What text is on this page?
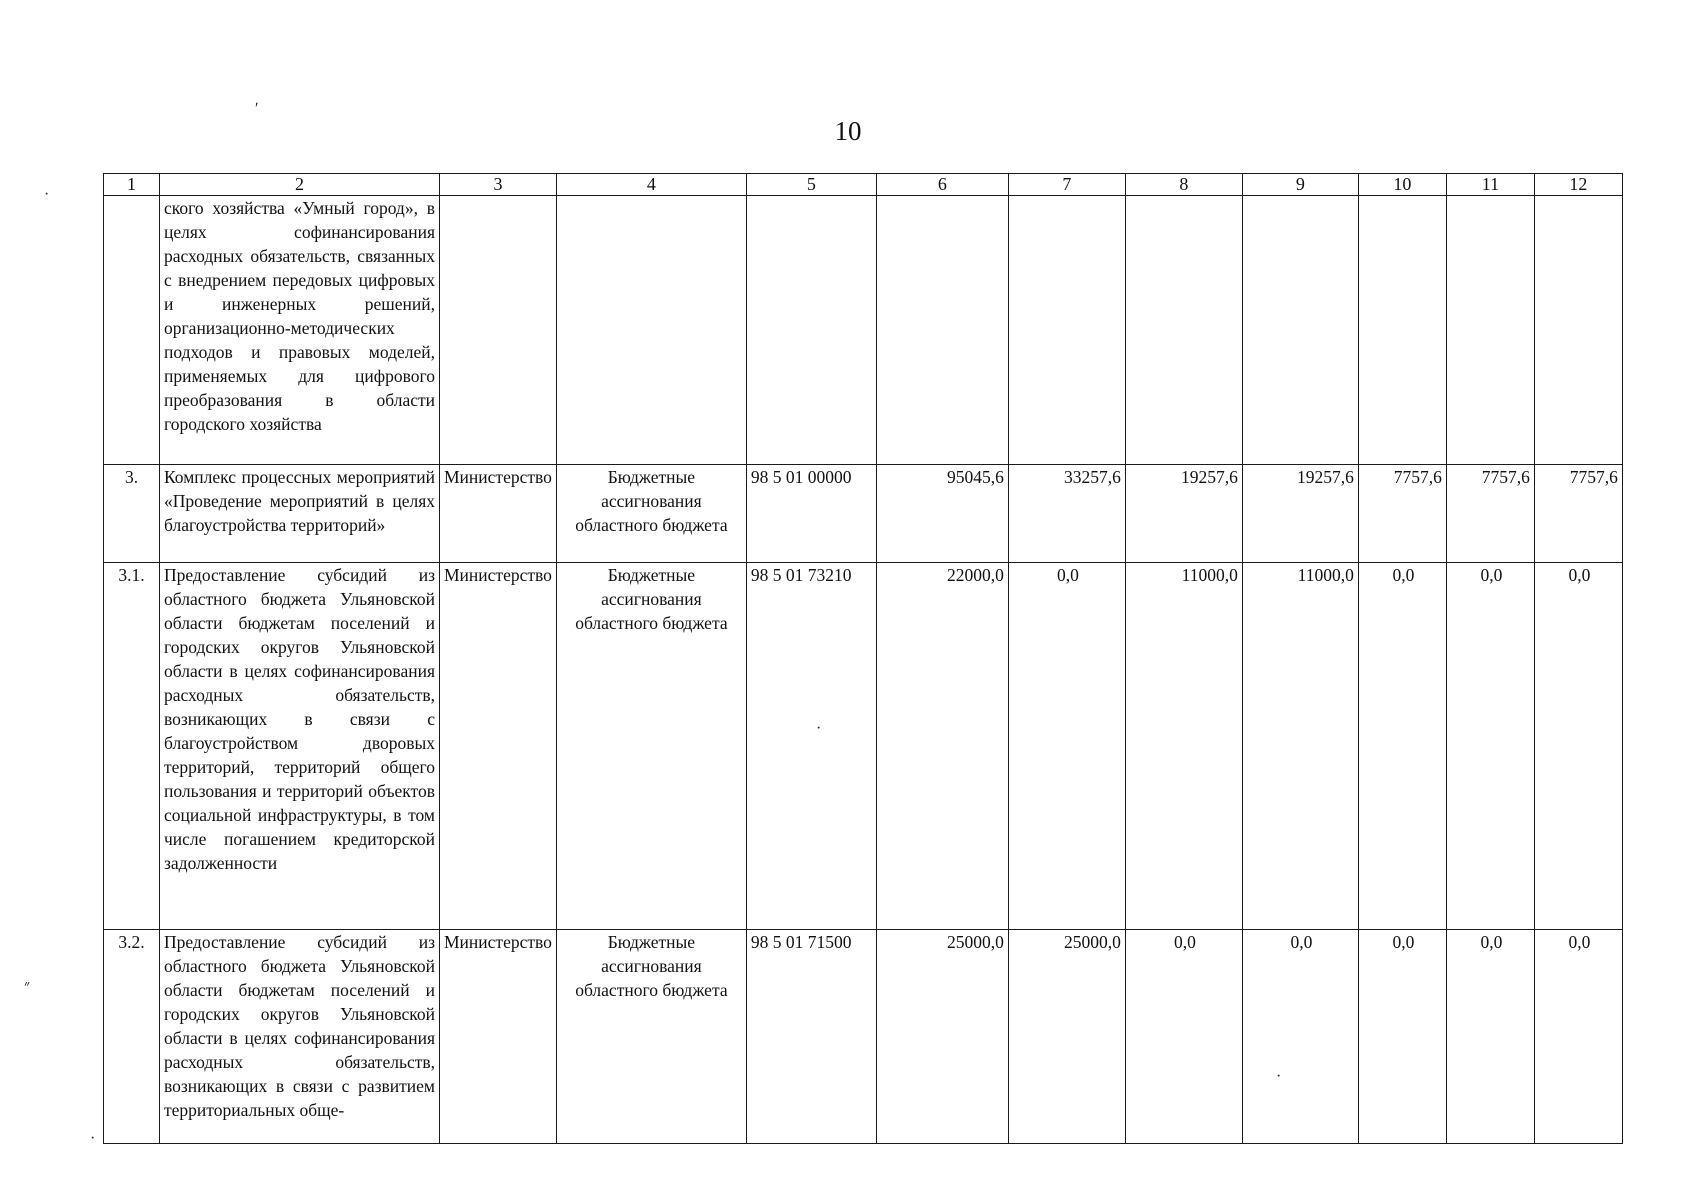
10
ʹ
·
״
·
·
·
1	2	3	4	5	6	7	8	9	10	11	12
	ского хозяйства «Умный город», в целях софинансирования расходных обязательств, связанных с внедрением передовых цифровых и инженерных решений, организационно-методических подходов и правовых моделей, применяемых для цифрового преобразования в области городского хозяйства										
3.	Комплекс процессных мероприятий «Проведение мероприятий в целях благоустройства территорий»	Министерство	Бюджетные ассигнования областного бюджета	98 5 01 00000	95045,6	33257,6	19257,6	19257,6	7757,6	7757,6	7757,6
3.1.	Предоставление субсидий из областного бюджета Ульяновской области бюджетам поселений и городских округов Ульяновской области в целях софинансирования расходных обязательств, возникающих в связи с благоустройством дворовых территорий, территорий общего пользования и территорий объектов социальной инфраструктуры, в том числе погашением кредиторской задолженности	Министерство	Бюджетные ассигнования областного бюджета	98 5 01 73210	22000,0	0,0	11000,0	11000,0	0,0	0,0	0,0
3.2.	Предоставление субсидий из областного бюджета Ульяновской области бюджетам поселений и городских округов Ульяновской области в целях софинансирования расходных обязательств, возникающих в связи с развитием территориальных обще-	Министерство	Бюджетные ассигнования областного бюджета	98 5 01 71500	25000,0	25000,0	0,0	0,0	0,0	0,0	0,0
